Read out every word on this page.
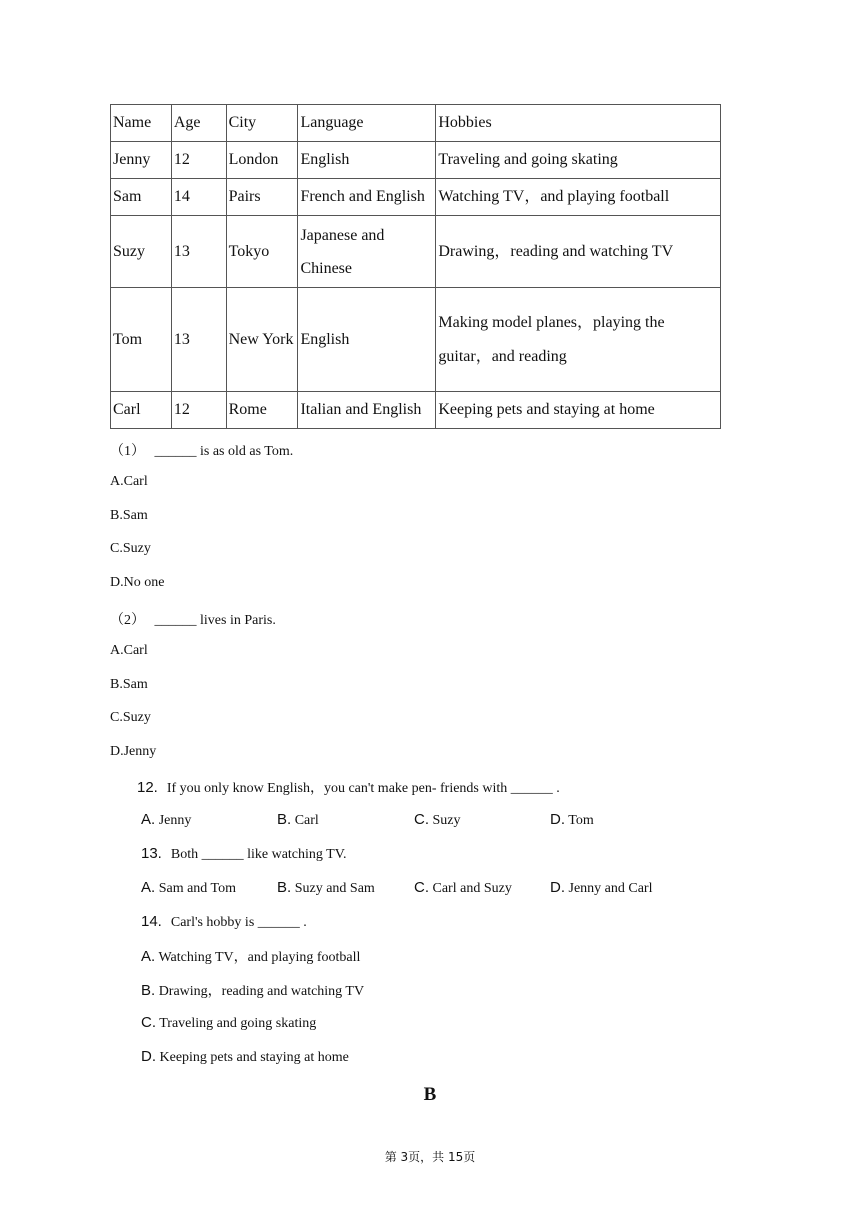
Name	Age	City	Language	Hobbies
Jenny	12	London	English	Traveling and going skating
Sam	14	Pairs	French and English	Watching TV，and playing football
Suzy	13	Tokyo	Japanese and Chinese	Drawing，reading and watching TV
Tom	13	New York	English	Making model planes，playing the guitar，and reading
Carl	12	Rome	Italian and English	Keeping pets and staying at home
（1） ______ is as old as Tom.
A.Carl
B.Sam
C.Suzy
D.No one
（2） ______ lives in Paris.
A.Carl
B.Sam
C.Suzy
D.Jenny
12. If you only know English，you can't make pen- friends with ______ .
A. Jenny	B. Carl	C. Suzy	D. Tom
13. Both ______ like watching TV.
A. Sam and Tom	B. Suzy and Sam	C. Carl and Suzy	D. Jenny and Carl
14. Carl's hobby is ______ .
A. Watching TV，and playing football
B. Drawing，reading and watching TV
C. Traveling and going skating
D. Keeping pets and staying at home
B
第 3页，共 15页
